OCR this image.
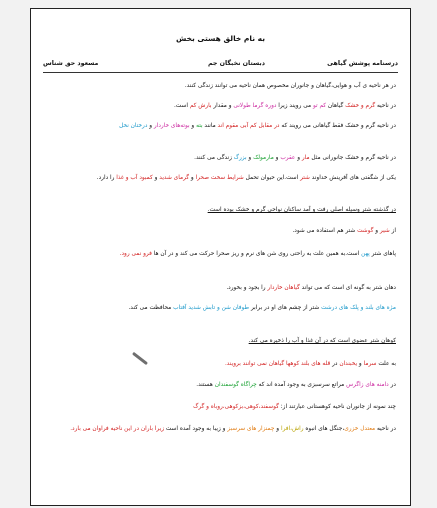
به نام خالق هستی بخش
درسنامه پوشش گیاهی
دبستان نخبگان جم
مسعود حق شناس
در هر ناحیه ی آب و هوایی،گیاهان و جانوران مخصوص همان ناحیه می توانند زندگی کنند.
در ناحیه گرم و خشک گیاهان کم تو می رویند زیرا دوره گرما طولانی و مقدار بارش کم است.
در ناحیه گرم و خشک فقط گیاهانی می رویند که در مقابل کم آبی مقوم اند مانند بته و بوته‌های خاردار و درختان نخل
در ناحیه گرم و خشک جانورانی مثل مار و عقرب و مارمولک و بزرگ زندگی می کنند.
یکی از شگفتی های آفرینش خداوند شتر است.این حیوان تحمل شرایط سخت صحرا و گرمای شدید و کمبود آب و غذا را دارد.
در گذشته شتر وسیله اصلی رفت و آمد ساکنان نواحی گرم و خشک بوده است.
از شیر و گوشت شتر هم استفاده می شود.
پاهای شتر پهن است.به همین علت به راحتی روی شن های نرم و ریز صحرا حرکت می کند و در آن ها فرو نمی رود.
دهان شتر به گونه ای است که می تواند گیاهان خاردار را بجود و بخورد.
مژه های بلند و پلک های درشت شتر از چشم های او در برابر طوفان شن و تابش شدید آفتاب محافظت می کند.
کوهان شتر عضوی است که در آن غذا و آب را ذخیره می کند.
به علت سرما و یخبندان در قله های بلند کوهها گیاهان نمی توانند برویند.
در دامنه های زاگرس مراتع سرسبزی به وجود آمده اند که چراگاه گوسفندان هستند.
چند نمونه از جانوران ناحیه کوهستانی عبارتند از: گوسفند،کوهی،بزکوهی،روباه و گرگ
در ناحیه معتدل خزری،جنگل های انبوه راش،افرا و چمنزار های سرسبز و زیبا به وجود آمده است زیرا باران در این ناحیه فراوان می بارد.
